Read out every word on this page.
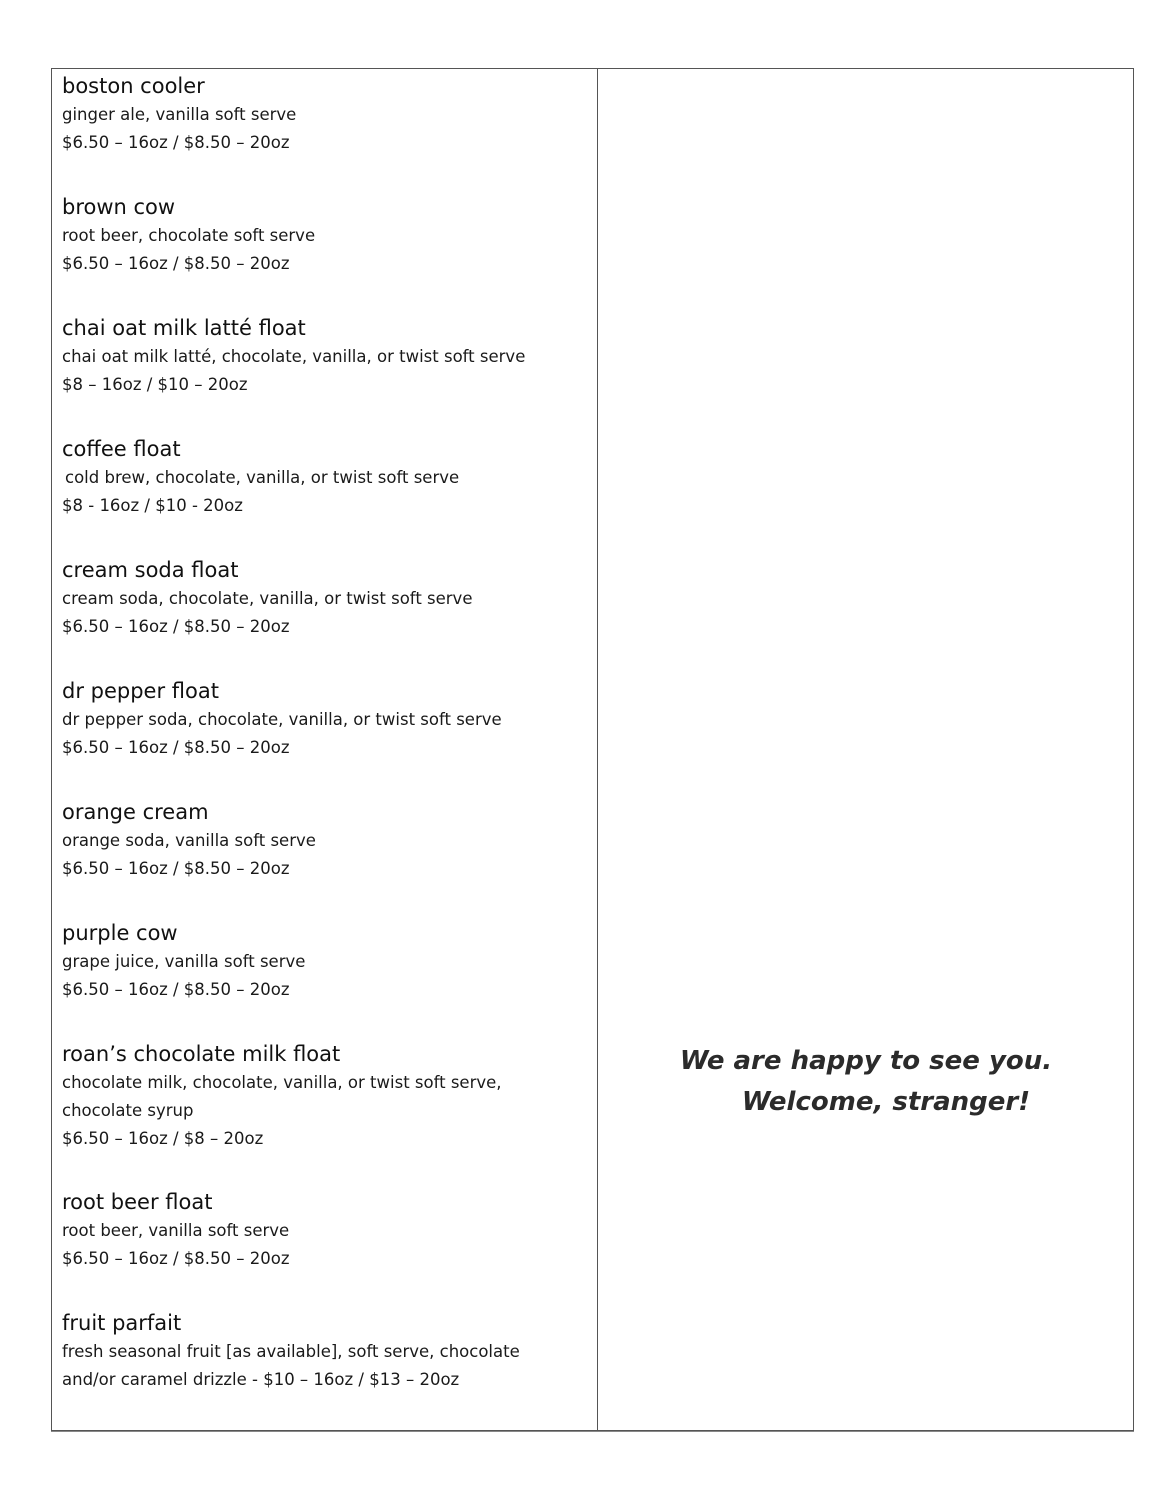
boston cooler
ginger ale, vanilla soft serve
$6.50 – 16oz / $8.50 – 20oz
brown cow
root beer, chocolate soft serve
$6.50 – 16oz / $8.50 – 20oz
chai oat milk latté float
chai oat milk latté, chocolate, vanilla, or twist soft serve
$8 – 16oz / $10 – 20oz
coffee float
cold brew, chocolate, vanilla, or twist soft serve
$8 - 16oz / $10 - 20oz
cream soda float
cream soda, chocolate, vanilla, or twist soft serve
$6.50 – 16oz / $8.50 – 20oz
dr pepper float
dr pepper soda, chocolate, vanilla, or twist soft serve
$6.50 – 16oz / $8.50 – 20oz
orange cream
orange soda, vanilla soft serve
$6.50 – 16oz / $8.50 – 20oz
purple cow
grape juice, vanilla soft serve
$6.50 – 16oz / $8.50 – 20oz
roan’s chocolate milk float
chocolate milk, chocolate, vanilla, or twist soft serve,
chocolate syrup
$6.50 – 16oz / $8 – 20oz
root beer float
root beer, vanilla soft serve
$6.50 – 16oz / $8.50 – 20oz
fruit parfait
fresh seasonal fruit [as available], soft serve, chocolate
and/or caramel drizzle - $10 – 16oz / $13 – 20oz
We are happy to see you.
Welcome, stranger!
